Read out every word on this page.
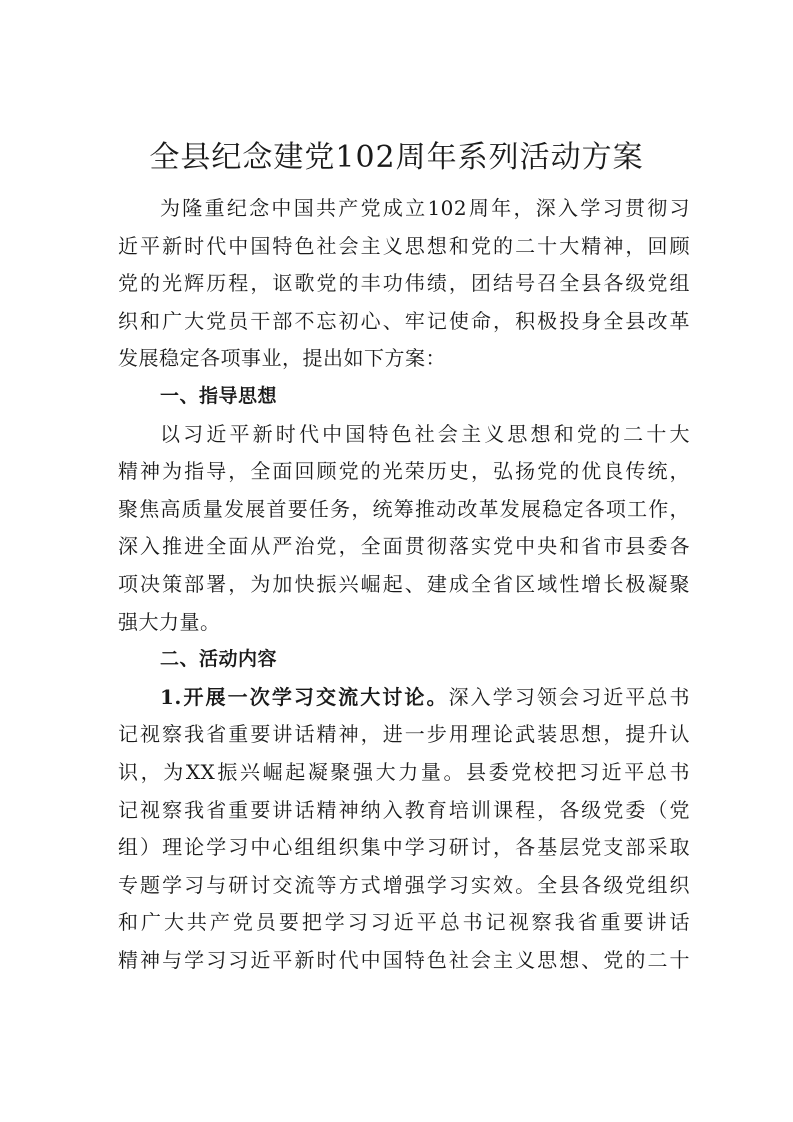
全县纪念建党102周年系列活动方案
为隆重纪念中国共产党成立102周年，深入学习贯彻习
近平新时代中国特色社会主义思想和党的二十大精神，回顾
党的光辉历程，讴歌党的丰功伟绩，团结号召全县各级党组
织和广大党员干部不忘初心、牢记使命，积极投身全县改革
发展稳定各项事业，提出如下方案：
一、指导思想
以习近平新时代中国特色社会主义思想和党的二十大
精神为指导，全面回顾党的光荣历史，弘扬党的优良传统，
聚焦高质量发展首要任务，统筹推动改革发展稳定各项工作，
深入推进全面从严治党，全面贯彻落实党中央和省市县委各
项决策部署，为加快振兴崛起、建成全省区域性增长极凝聚
强大力量。
二、活动内容
1.开展一次学习交流大讨论。深入学习领会习近平总书
记视察我省重要讲话精神，进一步用理论武装思想，提升认
识，为XX振兴崛起凝聚强大力量。县委党校把习近平总书
记视察我省重要讲话精神纳入教育培训课程，各级党委（党
组）理论学习中心组组织集中学习研讨，各基层党支部采取
专题学习与研讨交流等方式增强学习实效。全县各级党组织
和广大共产党员要把学习习近平总书记视察我省重要讲话
精神与学习习近平新时代中国特色社会主义思想、党的二十
